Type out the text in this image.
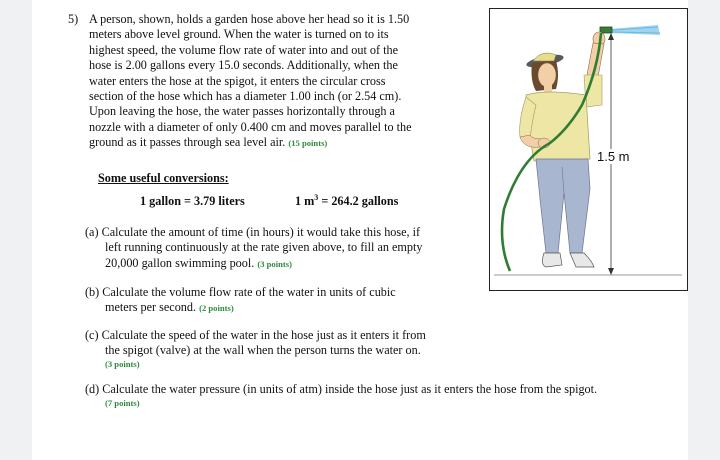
5) A person, shown, holds a garden hose above her head so it is 1.50
meters above level ground. When the water is turned on to its
highest speed, the volume flow rate of water into and out of the
hose is 2.00 gallons every 15.0 seconds. Additionally, when the
water enters the hose at the spigot, it enters the circular cross
section of the hose which has a diameter 1.00 inch (or 2.54 cm).
Upon leaving the hose, the water passes horizontally through a
nozzle with a diameter of only 0.400 cm and moves parallel to the
ground as it passes through sea level air. (15 points)
Some useful conversions:
1 gallon = 3.79 liters	1 $m^3 = 264.2$ gallons
(a) Calculate the amount of time (in hours) it would take this hose, if
left running continuously at the rate given above, to fill an empty
20,000 gallon swimming pool. (3 points)
(b) Calculate the volume flow rate of the water in units of cubic
meters per second. (2 points)
(c) Calculate the speed of the water in the hose just as it enters it from
the spigot (valve) at the wall when the person turns the water on.
(3 points)
(d) Calculate the water pressure (in units of atm) inside the hose just as it enters the hose from the spigot.
(7 points)
1.5 m
